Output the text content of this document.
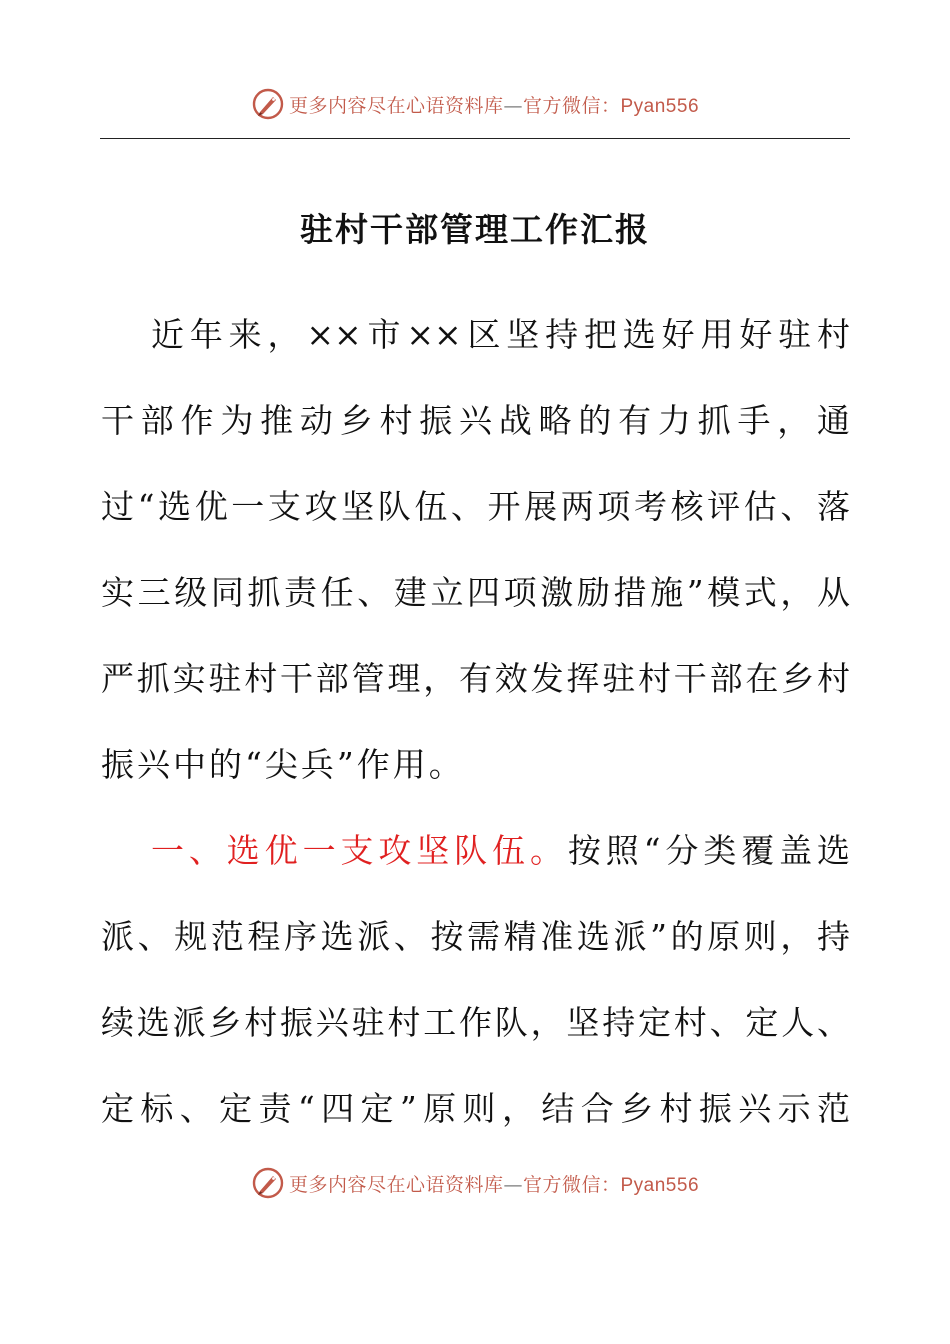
更多内容尽在心语资料库—官方微信：Pyan556
驻村干部管理工作汇报
近年来，××市××区坚持把选好用好驻村
干部作为推动乡村振兴战略的有力抓手，通
过“选优一支攻坚队伍、开展两项考核评估、落
实三级同抓责任、建立四项激励措施”模式，从
严抓实驻村干部管理，有效发挥驻村干部在乡村
振兴中的“尖兵”作用。
一、选优一支攻坚队伍。按照“分类覆盖选
派、规范程序选派、按需精准选派”的原则，持
续选派乡村振兴驻村工作队，坚持定村、定人、
定标、定责“四定”原则，结合乡村振兴示范
更多内容尽在心语资料库—官方微信：Pyan556
